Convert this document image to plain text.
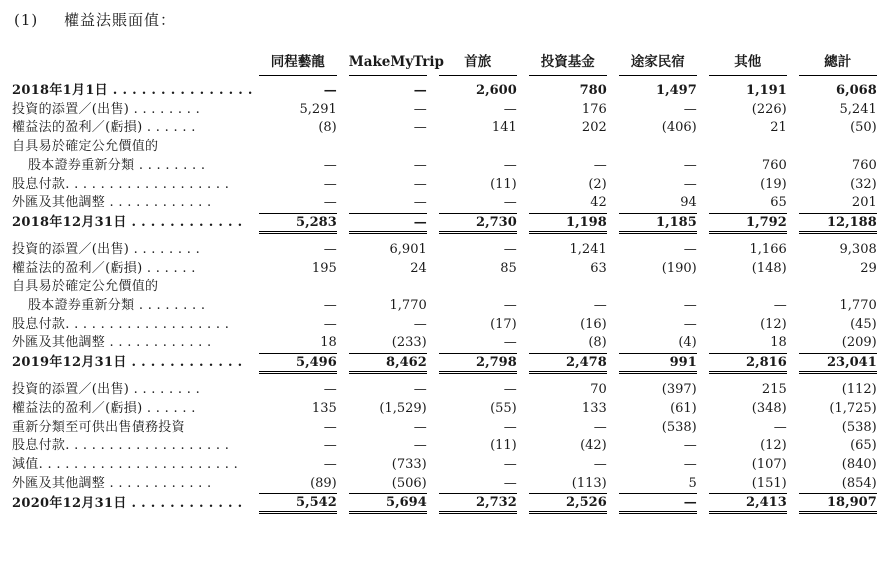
(1) 權益法賬面值：
	同程藝龍	MakeMyTrip	首旅	投資基金	途家民宿	其他	總計

2018年1月1日 . . . . . . . . . . . . . . .	—	—	2,600	780	1,497	1,191	6,068
投資的添置／(出售) . . . . . . . .	5,291	—	—	176	—	(226)	5,241
權益法的盈利／(虧損) . . . . . .	(8)	—	141	202	(406)	21	(50)
自具易於確定公允價值的							
股本證券重新分類 . . . . . . . .	—	—	—	—	—	760	760
股息付款. . . . . . . . . . . . . . . . . . .	—	—	(11)	(2)	—	(19)	(32)
外匯及其他調整 . . . . . . . . . . . .	—	—	—	42	94	65	201
2018年12月31日 . . . . . . . . . . . .	5,283	—	2,730	1,198	1,185	1,792	12,188

投資的添置／(出售) . . . . . . . .	—	6,901	—	1,241	—	1,166	9,308
權益法的盈利／(虧損) . . . . . .	195	24	85	63	(190)	(148)	29
自具易於確定公允價值的							
股本證券重新分類 . . . . . . . .	—	1,770	—	—	—	—	1,770
股息付款. . . . . . . . . . . . . . . . . . .	—	—	(17)	(16)	—	(12)	(45)
外匯及其他調整 . . . . . . . . . . . .	18	(233)	—	(8)	(4)	18	(209)
2019年12月31日 . . . . . . . . . . . .	5,496	8,462	2,798	2,478	991	2,816	23,041

投資的添置／(出售) . . . . . . . .	—	—	—	70	(397)	215	(112)
權益法的盈利／(虧損) . . . . . .	135	(1,529)	(55)	133	(61)	(348)	(1,725)
重新分類至可供出售債務投資	—	—	—	—	(538)	—	(538)
股息付款. . . . . . . . . . . . . . . . . . .	—	—	(11)	(42)	—	(12)	(65)
減值. . . . . . . . . . . . . . . . . . . . . . .	—	(733)	—	—	—	(107)	(840)
外匯及其他調整 . . . . . . . . . . . .	(89)	(506)	—	(113)	5	(151)	(854)
2020年12月31日 . . . . . . . . . . . .	5,542	5,694	2,732	2,526	—	2,413	18,907
